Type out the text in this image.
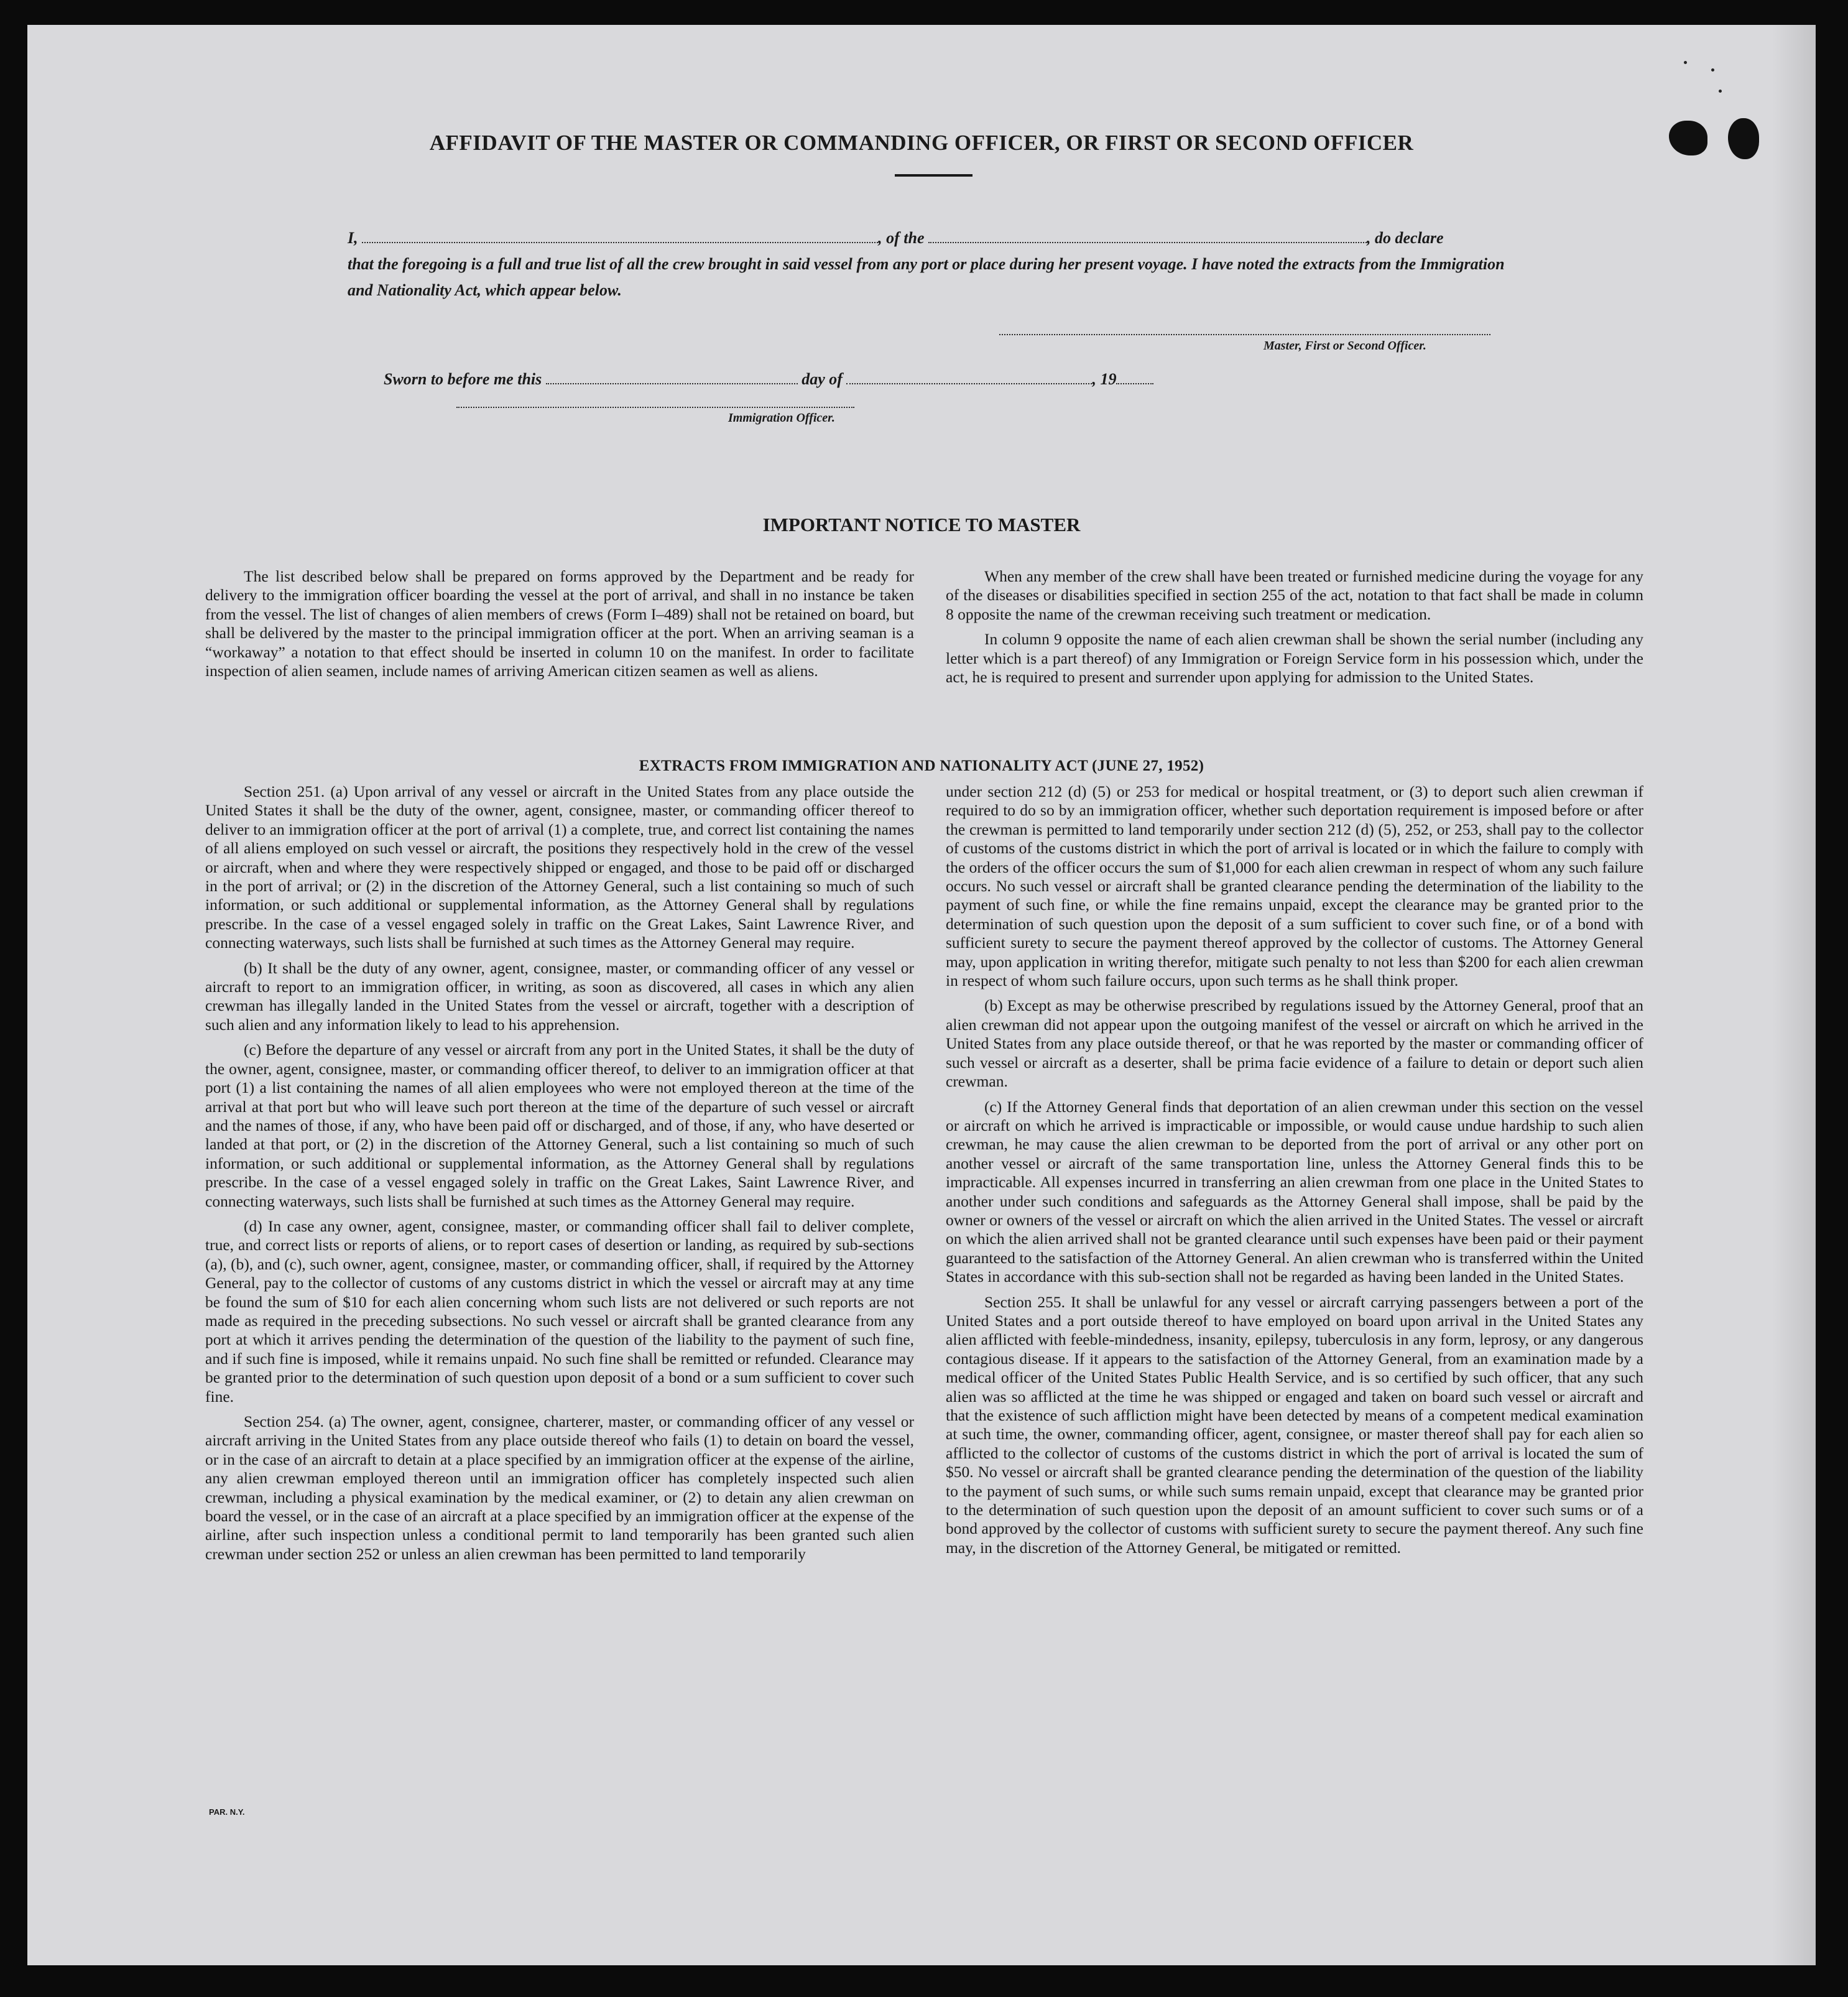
AFFIDAVIT OF THE MASTER OR COMMANDING OFFICER, OR FIRST OR SECOND OFFICER
I,	, of the	, do declare
that the foregoing is a full and true list of all the crew brought in said vessel from any port or place during her present voyage. I have noted the extracts from the Immigration and Nationality Act, which appear below.
Master, First or Second Officer.
Sworn to before me this	day of	, 19
Immigration Officer.
IMPORTANT NOTICE TO MASTER

The list described below shall be prepared on forms approved by the Department and be ready for delivery to the immigration officer boarding the vessel at the port of arrival, and shall in no instance be taken from the vessel. The list of changes of alien members of crews (Form I–489) shall not be retained on board, but shall be delivered by the master to the principal immigration officer at the port. When an arriving seaman is a “workaway” a notation to that effect should be inserted in column 10 on the manifest. In order to facilitate inspection of alien seamen, include names of arriving American citizen seamen as well as aliens.

When any member of the crew shall have been treated or furnished medicine during the voyage for any of the diseases or disabilities specified in section 255 of the act, notation to that fact shall be made in column 8 opposite the name of the crewman receiving such treatment or medication.

In column 9 opposite the name of each alien crewman shall be shown the serial number (including any letter which is a part thereof) of any Immigration or Foreign Service form in his possession which, under the act, he is required to present and surrender upon applying for admission to the United States.

EXTRACTS FROM IMMIGRATION AND NATIONALITY ACT (JUNE 27, 1952)

Section 251. (a) Upon arrival of any vessel or aircraft in the United States from any place outside the United States it shall be the duty of the owner, agent, consignee, master, or commanding officer thereof to deliver to an immigration officer at the port of arrival (1) a complete, true, and correct list containing the names of all aliens employed on such vessel or aircraft, the positions they respectively hold in the crew of the vessel or aircraft, when and where they were respectively shipped or engaged, and those to be paid off or discharged in the port of arrival; or (2) in the discretion of the Attorney General, such a list containing so much of such information, or such additional or supplemental information, as the Attorney General shall by regulations prescribe. In the case of a vessel engaged solely in traffic on the Great Lakes, Saint Lawrence River, and connecting waterways, such lists shall be furnished at such times as the Attorney General may require.

(b) It shall be the duty of any owner, agent, consignee, master, or commanding officer of any vessel or aircraft to report to an immigration officer, in writing, as soon as discovered, all cases in which any alien crewman has illegally landed in the United States from the vessel or aircraft, together with a description of such alien and any information likely to lead to his apprehension.

(c) Before the departure of any vessel or aircraft from any port in the United States, it shall be the duty of the owner, agent, consignee, master, or commanding officer thereof, to deliver to an immigration officer at that port (1) a list containing the names of all alien employees who were not employed thereon at the time of the arrival at that port but who will leave such port thereon at the time of the departure of such vessel or aircraft and the names of those, if any, who have been paid off or discharged, and of those, if any, who have deserted or landed at that port, or (2) in the discretion of the Attorney General, such a list containing so much of such information, or such additional or supplemental information, as the Attorney General shall by regulations prescribe. In the case of a vessel engaged solely in traffic on the Great Lakes, Saint Lawrence River, and connecting waterways, such lists shall be furnished at such times as the Attorney General may require.

(d) In case any owner, agent, consignee, master, or commanding officer shall fail to deliver complete, true, and correct lists or reports of aliens, or to report cases of desertion or landing, as required by sub-sections (a), (b), and (c), such owner, agent, consignee, master, or commanding officer, shall, if required by the Attorney General, pay to the collector of customs of any customs district in which the vessel or aircraft may at any time be found the sum of $10 for each alien concerning whom such lists are not delivered or such reports are not made as required in the preceding subsections. No such vessel or aircraft shall be granted clearance from any port at which it arrives pending the determination of the question of the liability to the payment of such fine, and if such fine is imposed, while it remains unpaid. No such fine shall be remitted or refunded. Clearance may be granted prior to the determination of such question upon deposit of a bond or a sum sufficient to cover such fine.

Section 254. (a) The owner, agent, consignee, charterer, master, or commanding officer of any vessel or aircraft arriving in the United States from any place outside thereof who fails (1) to detain on board the vessel, or in the case of an aircraft to detain at a place specified by an immigration officer at the expense of the airline, any alien crewman employed thereon until an immigration officer has completely inspected such alien crewman, including a physical examination by the medical examiner, or (2) to detain any alien crewman on board the vessel, or in the case of an aircraft at a place specified by an immigration officer at the expense of the airline, after such inspection unless a conditional permit to land temporarily has been granted such alien crewman under section 252 or unless an alien crewman has been permitted to land temporarily

under section 212 (d) (5) or 253 for medical or hospital treatment, or (3) to deport such alien crewman if required to do so by an immigration officer, whether such deportation requirement is imposed before or after the crewman is permitted to land temporarily under section 212 (d) (5), 252, or 253, shall pay to the collector of customs of the customs district in which the port of arrival is located or in which the failure to comply with the orders of the officer occurs the sum of $1,000 for each alien crewman in respect of whom any such failure occurs. No such vessel or aircraft shall be granted clearance pending the determination of the liability to the payment of such fine, or while the fine remains unpaid, except the clearance may be granted prior to the determination of such question upon the deposit of a sum sufficient to cover such fine, or of a bond with sufficient surety to secure the payment thereof approved by the collector of customs. The Attorney General may, upon application in writing therefor, mitigate such penalty to not less than $200 for each alien crewman in respect of whom such failure occurs, upon such terms as he shall think proper.

(b) Except as may be otherwise prescribed by regulations issued by the Attorney General, proof that an alien crewman did not appear upon the outgoing manifest of the vessel or aircraft on which he arrived in the United States from any place outside thereof, or that he was reported by the master or commanding officer of such vessel or aircraft as a deserter, shall be prima facie evidence of a failure to detain or deport such alien crewman.

(c) If the Attorney General finds that deportation of an alien crewman under this section on the vessel or aircraft on which he arrived is impracticable or impossible, or would cause undue hardship to such alien crewman, he may cause the alien crewman to be deported from the port of arrival or any other port on another vessel or aircraft of the same transportation line, unless the Attorney General finds this to be impracticable. All expenses incurred in transferring an alien crewman from one place in the United States to another under such conditions and safeguards as the Attorney General shall impose, shall be paid by the owner or owners of the vessel or aircraft on which the alien arrived in the United States. The vessel or aircraft on which the alien arrived shall not be granted clearance until such expenses have been paid or their payment guaranteed to the satisfaction of the Attorney General. An alien crewman who is transferred within the United States in accordance with this sub-section shall not be regarded as having been landed in the United States.

Section 255. It shall be unlawful for any vessel or aircraft carrying passengers between a port of the United States and a port outside thereof to have employed on board upon arrival in the United States any alien afflicted with feeble-mindedness, insanity, epilepsy, tuberculosis in any form, leprosy, or any dangerous contagious disease. If it appears to the satisfaction of the Attorney General, from an examination made by a medical officer of the United States Public Health Service, and is so certified by such officer, that any such alien was so afflicted at the time he was shipped or engaged and taken on board such vessel or aircraft and that the existence of such affliction might have been detected by means of a competent medical examination at such time, the owner, commanding officer, agent, consignee, or master thereof shall pay for each alien so afflicted to the collector of customs of the customs district in which the port of arrival is located the sum of $50. No vessel or aircraft shall be granted clearance pending the determination of the question of the liability to the payment of such sums, or while such sums remain unpaid, except that clearance may be granted prior to the determination of such question upon the deposit of an amount sufficient to cover such sums or of a bond approved by the collector of customs with sufficient surety to secure the payment thereof. Any such fine may, in the discretion of the Attorney General, be mitigated or remitted.

PAR. N.Y.
